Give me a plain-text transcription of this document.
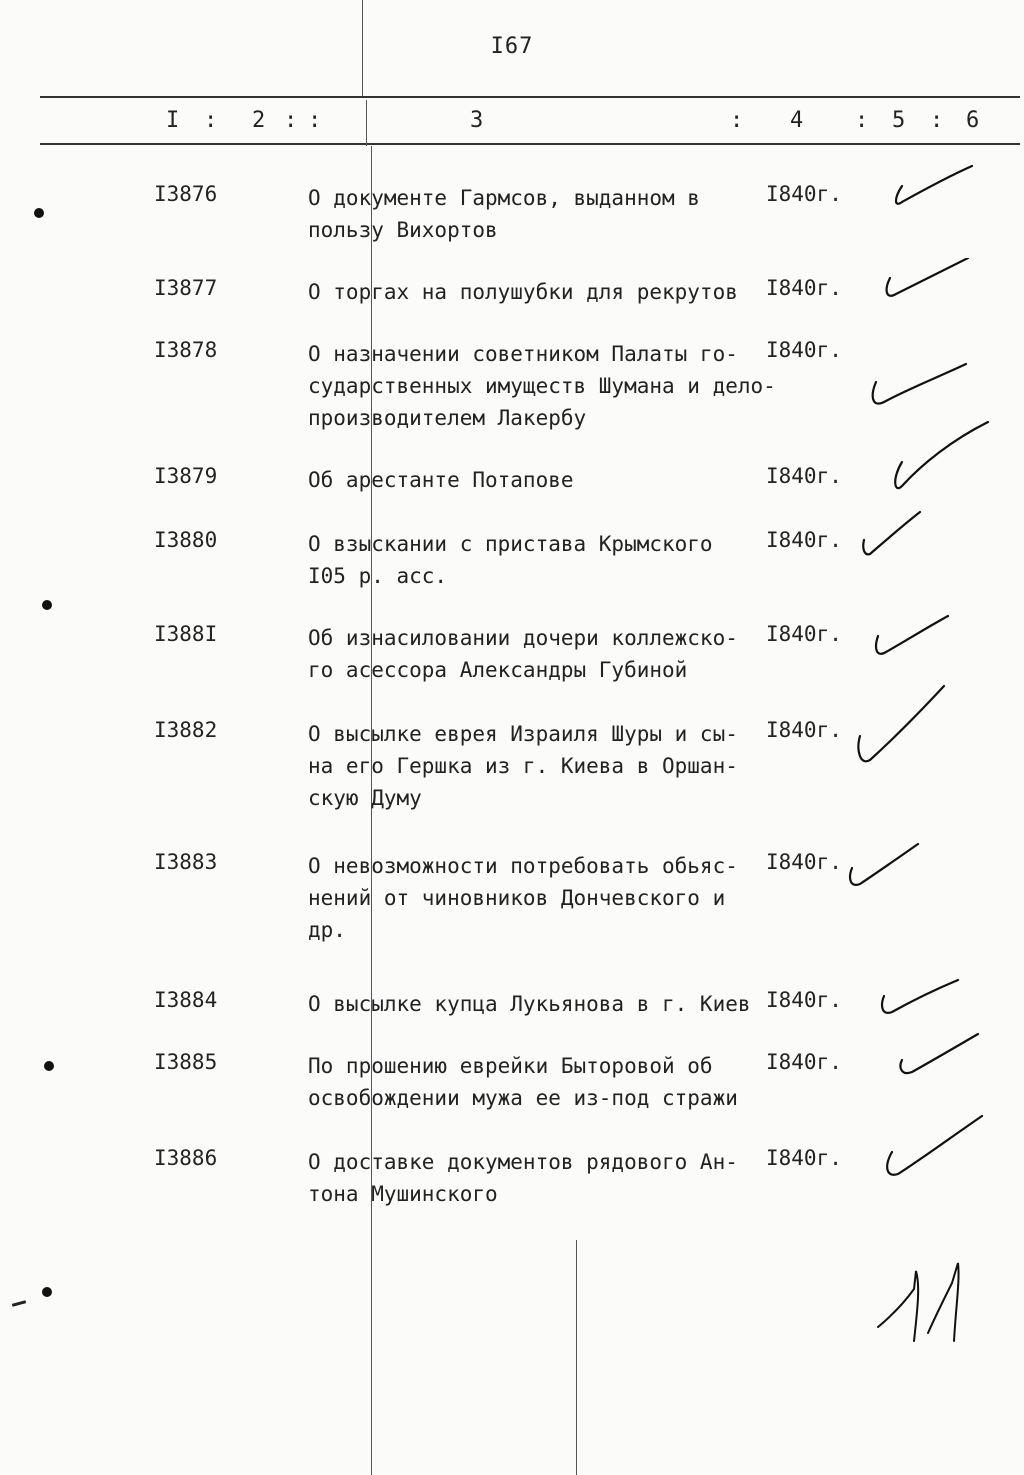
I67
I : 2 : :	3	: 4 : 5 : 6
I3876	О документе Гармсов, выданном в
пользу Вихортов
I840г.
I3877	О торгах на полушубки для рекрутов	I840г.
I3878	О назначении советником Палаты го-
сударственных имуществ Шумана и дело-
производителем Лакербу
I840г.
I3879	Об арестанте Потапове	I840г.
I3880	О взыскании с пристава Крымского
I05 р. асс.
I840г.
I388I	Об изнасиловании дочери коллежско-
го асессора Александры Губиной
I840г.
I3882	О высылке еврея Израиля Шуры и сы-
на его Гершка из г. Киева в Оршан-
скую Думу
I840г.
I3883	О невозможности потребовать обьяс-
нений от чиновников Дончевского и
др.
I840г.
I3884	О высылке купца Лукьянова в г. Киев I840г.
I3885	По прошению еврейки Быторовой об
освобождении мужа ее из-под стражи
I840г.
I3886	О доставке документов рядового Ан-
тона Мушинского
I840г.
